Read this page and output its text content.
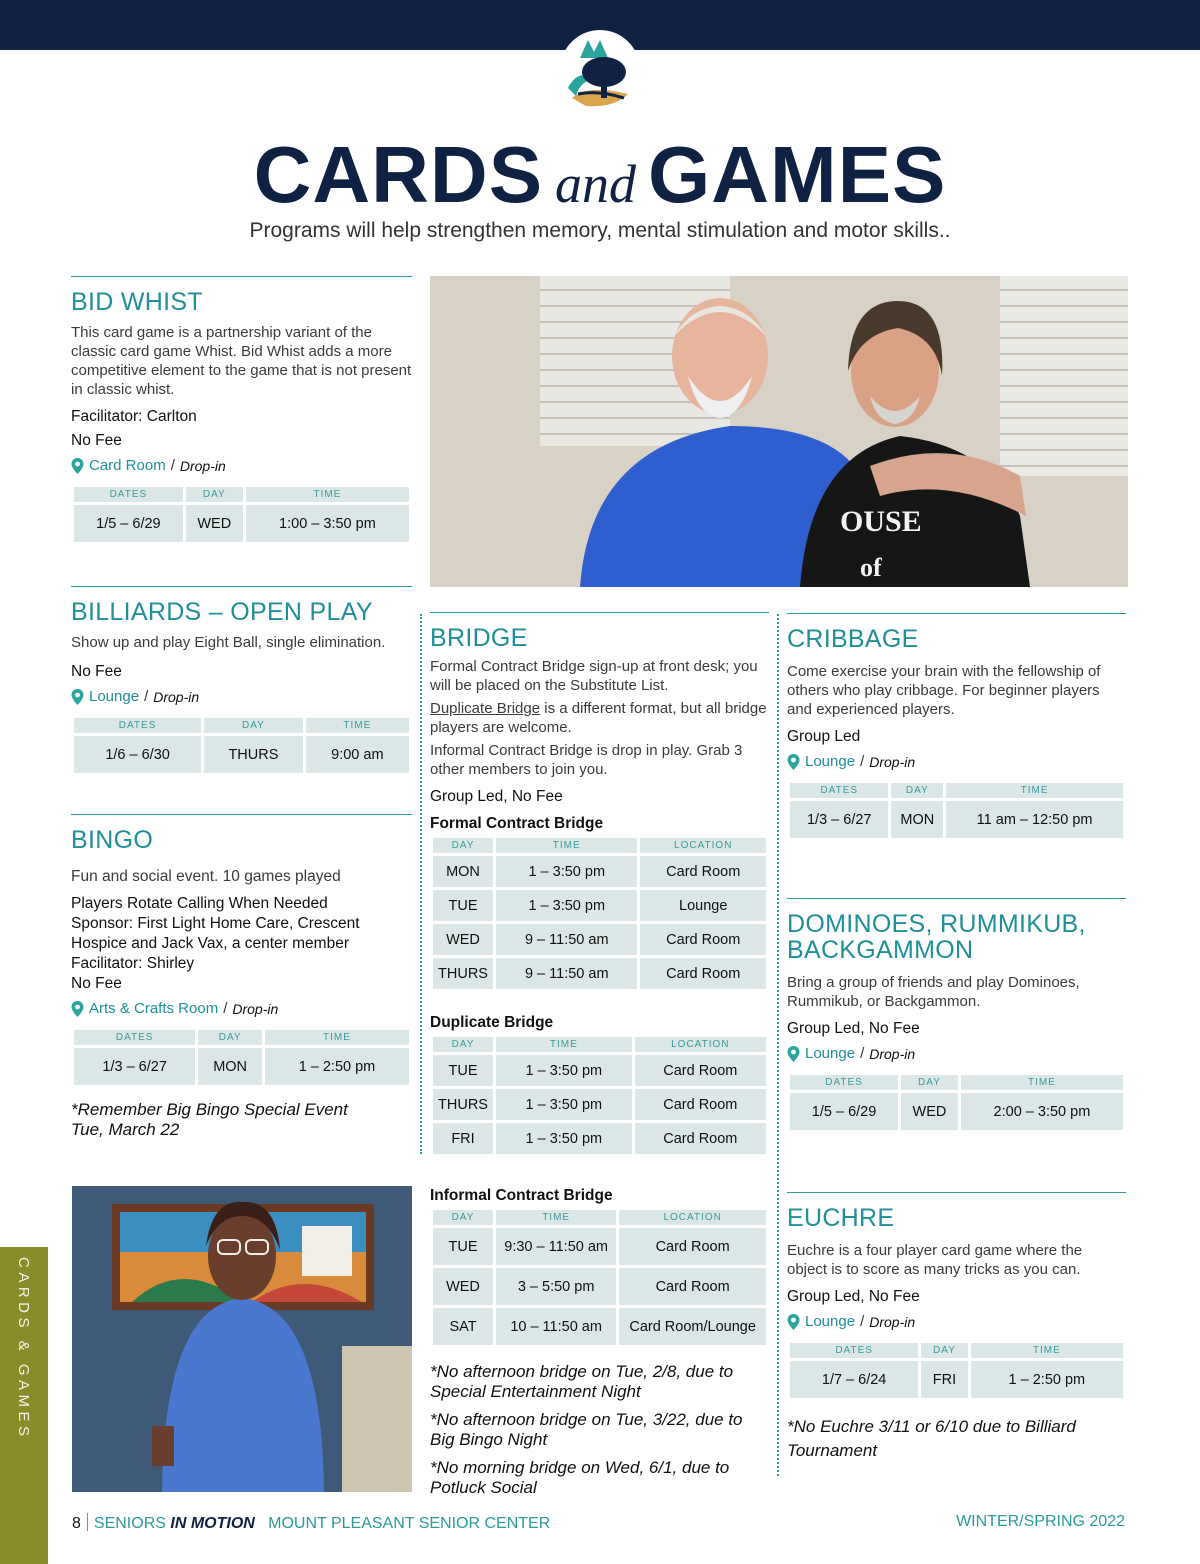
CARDS and GAMES
Programs will help strengthen memory, mental stimulation and motor skills..
BID WHIST

This card game is a partnership variant of the classic card game Whist. Bid Whist adds a more competitive element to the game that is not present in classic whist.

Facilitator: Carlton

No Fee

Card Room / Drop-in
DATES	DAY	TIME
1/5 – 6/29	WED	1:00 – 3:50 pm
BILLIARDS – OPEN PLAY

Show up and play Eight Ball, single elimination.

No Fee

Lounge / Drop-in
DATES	DAY	TIME
1/6 – 6/30	THURS	9:00 am
BINGO

Fun and social event. 10 games played

Players Rotate Calling When Needed

Sponsor: First Light Home Care, Crescent Hospice and Jack Vax, a center member

Facilitator: Shirley

No Fee

Arts & Crafts Room / Drop-in
DATES	DAY	TIME
1/3 – 6/27	MON	1 – 2:50 pm

*Remember Big Bingo Special Event Tue, March 22

OUSE
of
BRIDGE

Formal Contract Bridge sign-up at front desk; you will be placed on the Substitute List.

Duplicate Bridge is a different format, but all bridge players are welcome.

Informal Contract Bridge is drop in play. Grab 3 other members to join you.

Group Led, No Fee

Formal Contract Bridge

DAY	TIME	LOCATION
MON	1 – 3:50 pm	Card Room
TUE	1 – 3:50 pm	Lounge
WED	9 – 11:50 am	Card Room
THURS	9 – 11:50 am	Card Room

Duplicate Bridge

DAY	TIME	LOCATION
TUE	1 – 3:50 pm	Card Room
THURS	1 – 3:50 pm	Card Room
FRI	1 – 3:50 pm	Card Room

Informal Contract Bridge

DAY	TIME	LOCATION
TUE	9:30 – 11:50 am	Card Room
WED	3 – 5:50 pm	Card Room
SAT	10 – 11:50 am	Card Room/Lounge

*No afternoon bridge on Tue, 2/8, due to Special Entertainment Night

*No afternoon bridge on Tue, 3/22, due to Big Bingo Night

*No morning bridge on Wed, 6/1, due to Potluck Social

CRIBBAGE

Come exercise your brain with the fellowship of others who play cribbage. For beginner players and experienced players.

Group Led

Lounge / Drop-in
DATES	DAY	TIME
1/3 – 6/27	MON	11 am – 12:50 pm
DOMINOES, RUMMIKUB, BACKGAMMON

Bring a group of friends and play Dominoes, Rummikub, or Backgammon.

Group Led, No Fee

Lounge / Drop-in
DATES	DAY	TIME
1/5 – 6/29	WED	2:00 – 3:50 pm
EUCHRE

Euchre is a four player card game where the object is to score as many tricks as you can.

Group Led, No Fee

Lounge / Drop-in
DATES	DAY	TIME
1/7 – 6/24	FRI	1 – 2:50 pm

*No Euchre 3/11 or 6/10 due to Billiard Tournament

CARDS & GAMES
8 SENIORS IN MOTION MOUNT PLEASANT SENIOR CENTER	WINTER/SPRING 2022
